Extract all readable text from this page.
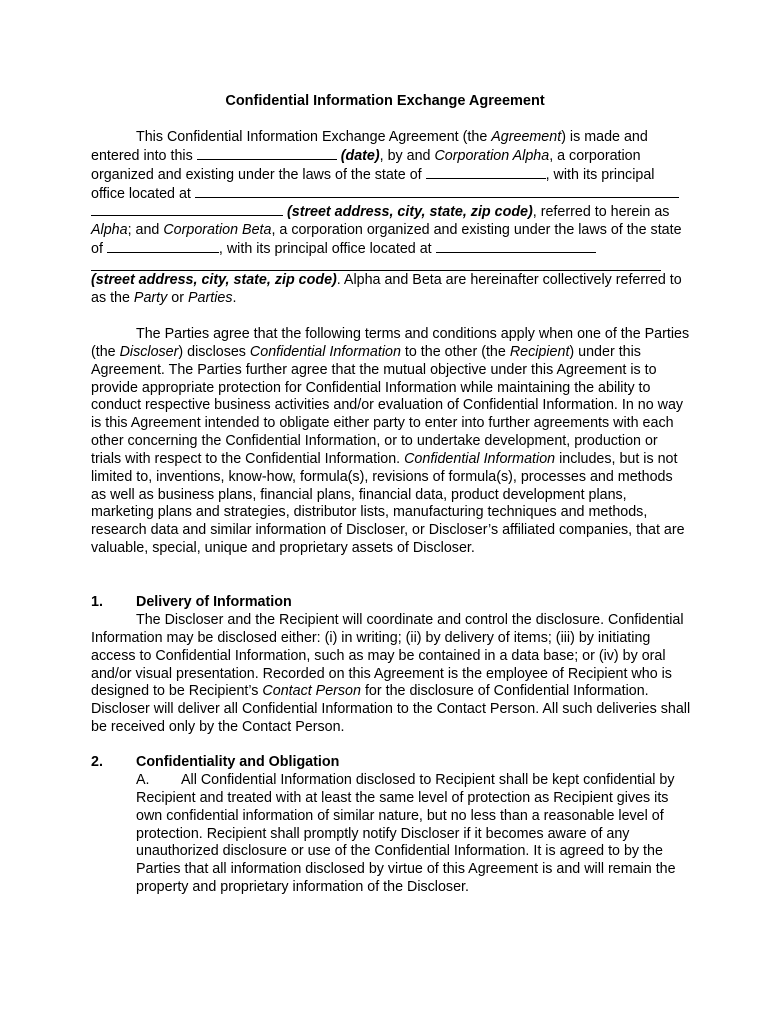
Confidential Information Exchange Agreement
This Confidential Information Exchange Agreement (the Agreement) is made and entered into this	(date), by and Corporation Alpha, a corporation organized and existing under the laws of the state of	, with its principal office located at   (street address, city, state, zip code), referred to herein as Alpha; and Corporation Beta, a corporation organized and existing under the laws of the state of	, with its principal office located at
(street address, city, state, zip code). Alpha and Beta are hereinafter collectively referred to as the Party or Parties.
The Parties agree that the following terms and conditions apply when one of the Parties (the Discloser) discloses Confidential Information to the other (the Recipient) under this Agreement. The Parties further agree that the mutual objective under this Agreement is to provide appropriate protection for Confidential Information while maintaining the ability to conduct respective business activities and/or evaluation of Confidential Information. In no way is this Agreement intended to obligate either party to enter into further agreements with each other concerning the Confidential Information, or to undertake development, production or trials with respect to the Confidential Information. Confidential Information includes, but is not limited to, inventions, know-how, formula(s), revisions of formula(s), processes and methods as well as business plans, financial plans, financial data, product development plans, marketing plans and strategies, distributor lists, manufacturing techniques and methods, research data and similar information of Discloser, or Discloser’s affiliated companies, that are valuable, special, unique and proprietary assets of Discloser.
1. Delivery of Information
The Discloser and the Recipient will coordinate and control the disclosure. Confidential Information may be disclosed either: (i) in writing; (ii) by delivery of items; (iii) by initiating access to Confidential Information, such as may be contained in a data base; or (iv) by oral and/or visual presentation. Recorded on this Agreement is the employee of Recipient who is designed to be Recipient’s Contact Person for the disclosure of Confidential Information. Discloser will deliver all Confidential Information to the Contact Person. All such deliveries shall be received only by the Contact Person.
2. Confidentiality and Obligation
A. All Confidential Information disclosed to Recipient shall be kept confidential by Recipient and treated with at least the same level of protection as Recipient gives its own confidential information of similar nature, but no less than a reasonable level of protection. Recipient shall promptly notify Discloser if it becomes aware of any unauthorized disclosure or use of the Confidential Information. It is agreed to by the Parties that all information disclosed by virtue of this Agreement is and will remain the property and proprietary information of the Discloser.
